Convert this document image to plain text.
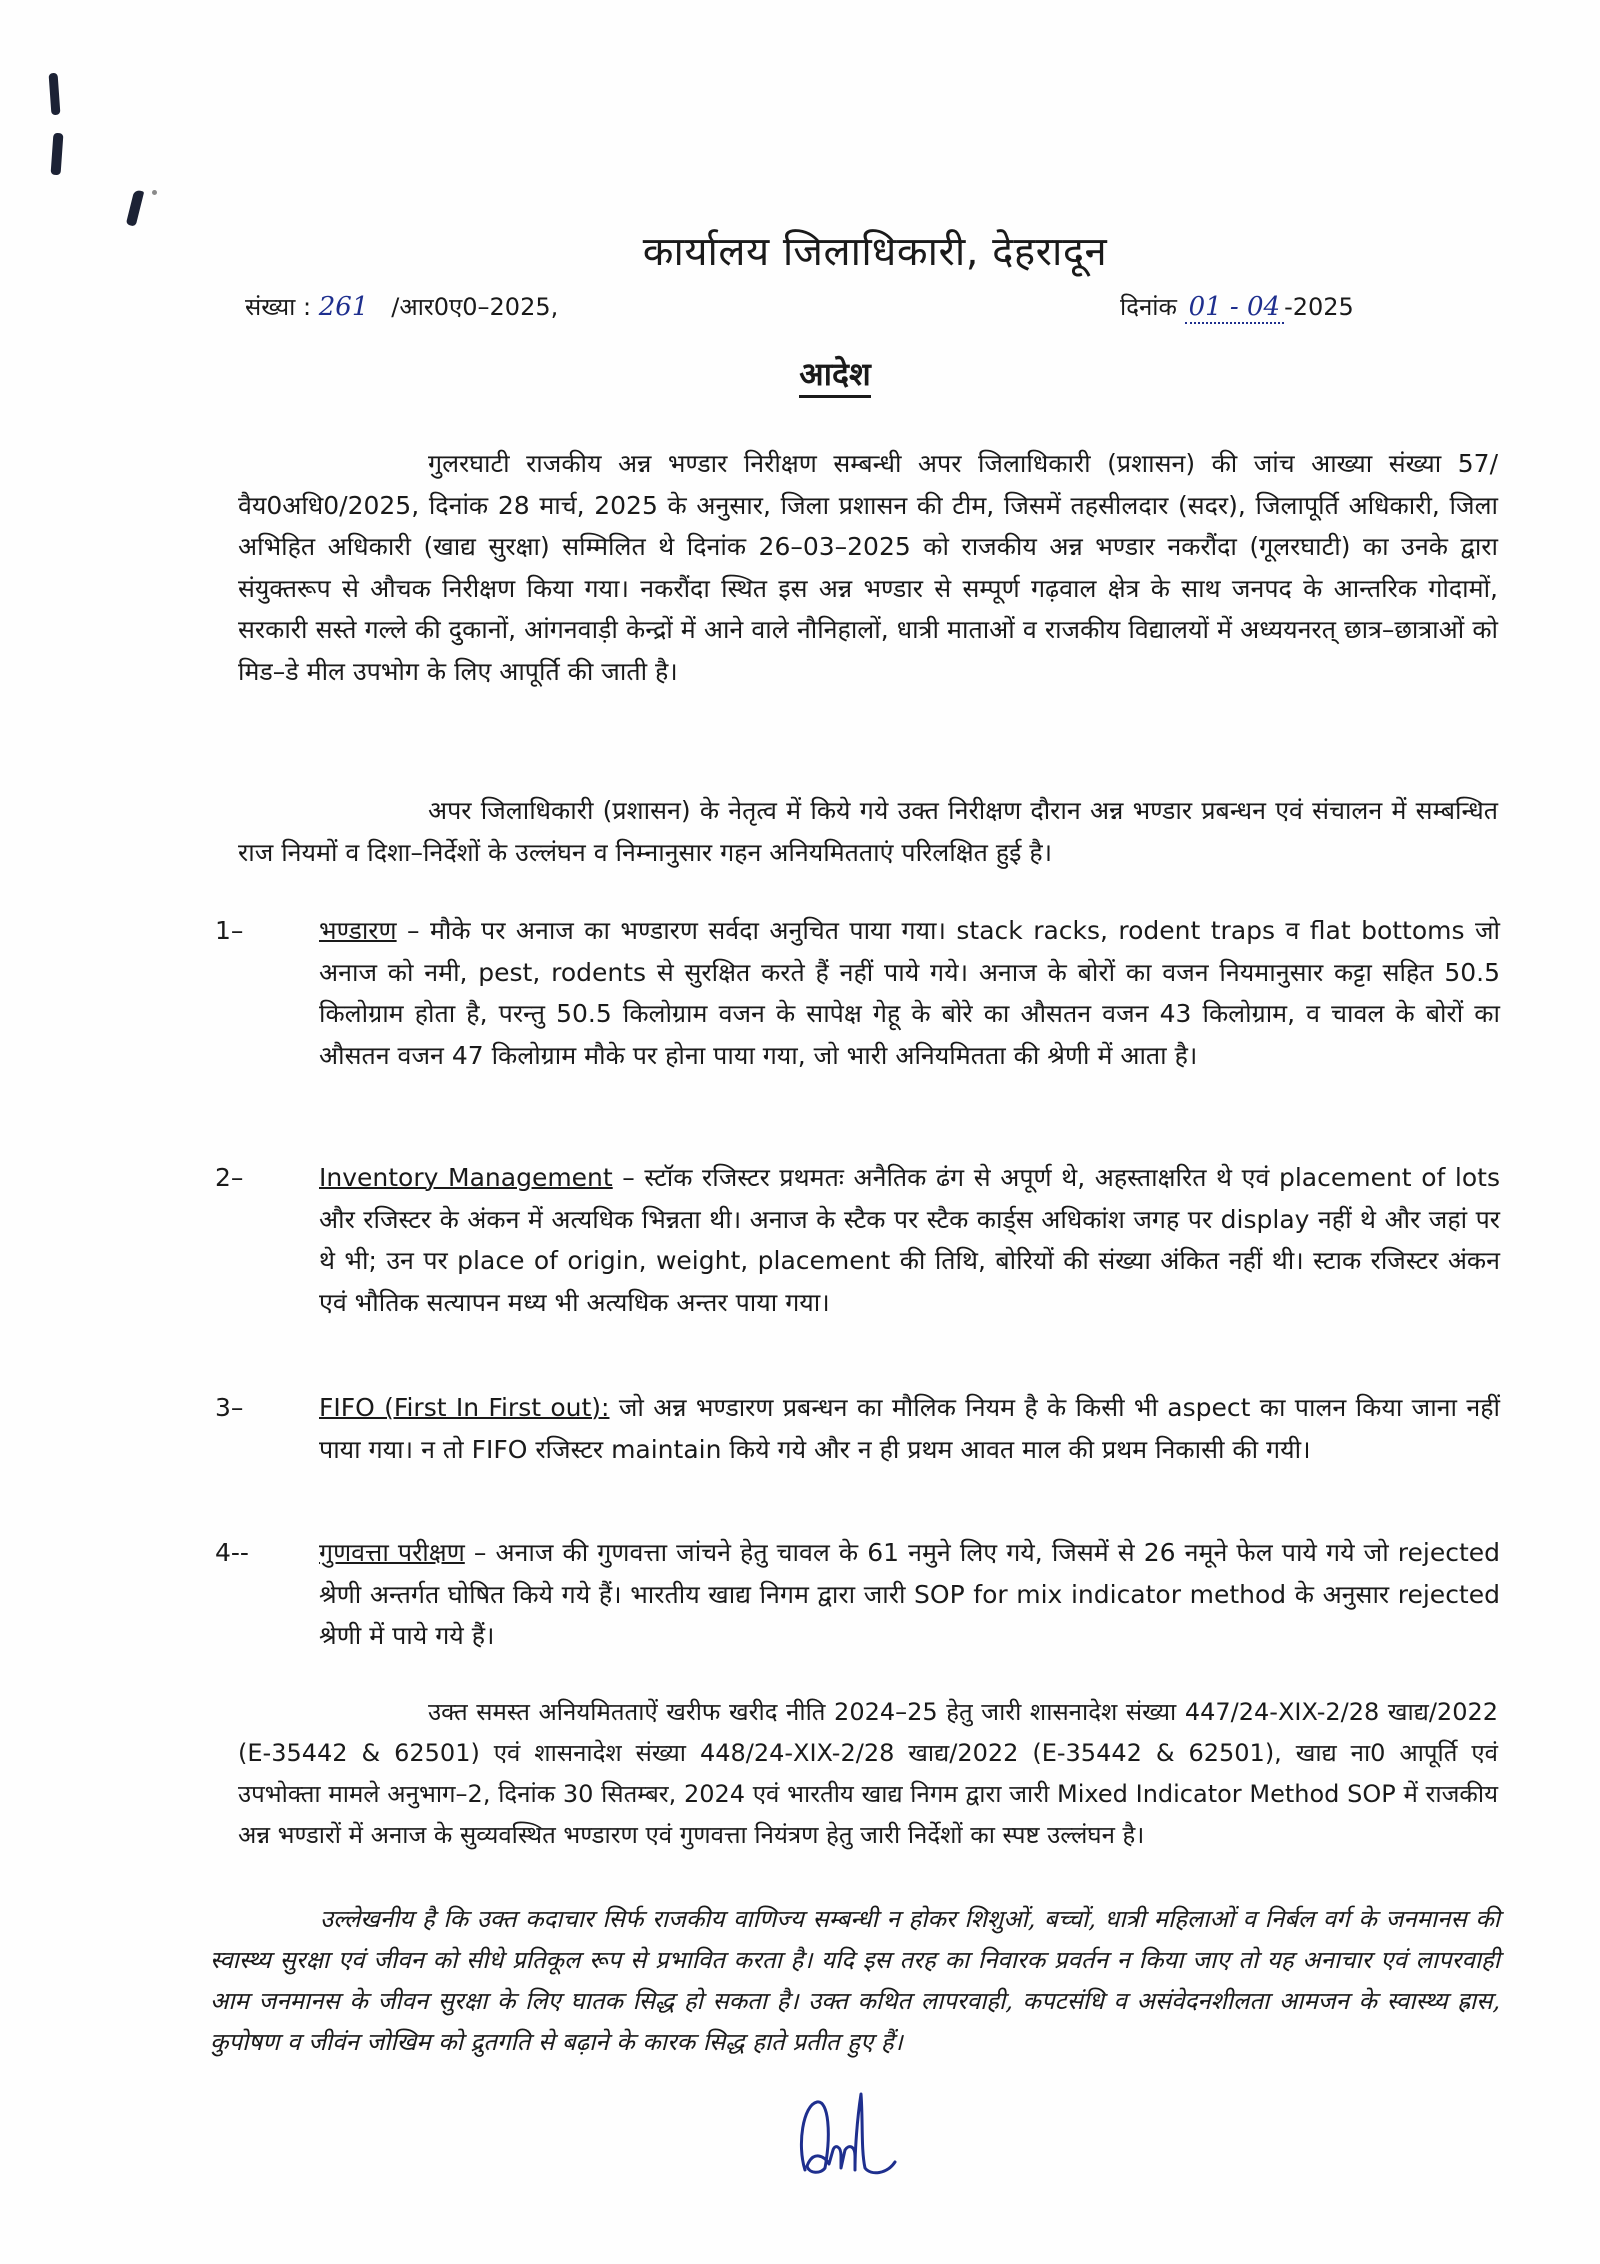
कार्यालय जिलाधिकारी, देहरादून
संख्या : 261 /आर0ए0–2025,	दिनांक 01 - 04 -2025
आदेश

गुलरघाटी राजकीय अन्न भण्डार निरीक्षण सम्बन्धी अपर जिलाधिकारी (प्रशासन) की जांच आख्या संख्या 57/वैय0अधि0/2025, दिनांक 28 मार्च, 2025 के अनुसार, जिला प्रशासन की टीम, जिसमें तहसीलदार (सदर), जिलापूर्ति अधिकारी, जिला अभिहित अधिकारी (खाद्य सुरक्षा) सम्मिलित थे दिनांक 26–03–2025 को राजकीय अन्न भण्डार नकरौंदा (गूलरघाटी) का उनके द्वारा संयुक्तरूप से औचक निरीक्षण किया गया। नकरौंदा स्थित इस अन्न भण्डार से सम्पूर्ण गढ़वाल क्षेत्र के साथ जनपद के आन्तरिक गोदामों, सरकारी सस्ते गल्ले की दुकानों, आंगनवाड़ी केन्द्रों में आने वाले नौनिहालों, धात्री माताओं व राजकीय विद्यालयों में अध्ययनरत् छात्र–छात्राओं को मिड–डे मील उपभोग के लिए आपूर्ति की जाती है।

अपर जिलाधिकारी (प्रशासन) के नेतृत्व में किये गये उक्त निरीक्षण दौरान अन्न भण्डार प्रबन्धन एवं संचालन में सम्बन्धित राज नियमों व दिशा–निर्देशों के उल्लंघन व निम्नानुसार गहन अनियमितताएं परिलक्षित हुई है।

1–	भण्डारण – मौके पर अनाज का भण्डारण सर्वदा अनुचित पाया गया। stack racks, rodent traps व flat bottoms जो अनाज को नमी, pest, rodents से सुरक्षित करते हैं नहीं पाये गये। अनाज के बोरों का वजन नियमानुसार कट्टा सहित 50.5 किलोग्राम होता है, परन्तु 50.5 किलोग्राम वजन के सापेक्ष गेहू के बोरे का औसतन वजन 43 किलोग्राम, व चावल के बोरों का औसतन वजन 47 किलोग्राम मौके पर होना पाया गया, जो भारी अनियमितता की श्रेणी में आता है।
2–	Inventory Management – स्टॉक रजिस्टर प्रथमतः अनैतिक ढंग से अपूर्ण थे, अहस्ताक्षरित थे एवं placement of lots और रजिस्टर के अंकन में अत्यधिक भिन्नता थी। अनाज के स्टैक पर स्टैक कार्ड्स अधिकांश जगह पर display नहीं थे और जहां पर थे भी; उन पर place of origin, weight, placement की तिथि, बोरियों की संख्या अंकित नहीं थी। स्टाक रजिस्टर अंकन एवं भौतिक सत्यापन मध्य भी अत्यधिक अन्तर पाया गया।
3–	FIFO (First In First out): जो अन्न भण्डारण प्रबन्धन का मौलिक नियम है के किसी भी aspect का पालन किया जाना नहीं पाया गया। न तो FIFO रजिस्टर maintain किये गये और न ही प्रथम आवत माल की प्रथम निकासी की गयी।
4--	गुणवत्ता परीक्षण – अनाज की गुणवत्ता जांचने हेतु चावल के 61 नमुने लिए गये, जिसमें से 26 नमूने फेल पाये गये जो rejected श्रेणी अन्तर्गत घोषित किये गये हैं। भारतीय खाद्य निगम द्वारा जारी SOP for mix indicator method के अनुसार rejected श्रेणी में पाये गये हैं।

उक्त समस्त अनियमितताऐं खरीफ खरीद नीति 2024–25 हेतु जारी शासनादेश संख्या 447/24-XIX-2/28 खाद्य/2022 (E-35442 & 62501) एवं शासनादेश संख्या 448/24-XIX-2/28 खाद्य/2022 (E-35442 & 62501), खाद्य ना0 आपूर्ति एवं उपभोक्ता मामले अनुभाग–2, दिनांक 30 सितम्बर, 2024 एवं भारतीय खाद्य निगम द्वारा जारी Mixed Indicator Method SOP में राजकीय अन्न भण्डारों में अनाज के सुव्यवस्थित भण्डारण एवं गुणवत्ता नियंत्रण हेतु जारी निर्देशों का स्पष्ट उल्लंघन है।

उल्लेखनीय है कि उक्त कदाचार सिर्फ राजकीय वाणिज्य सम्बन्धी न होकर शिशुओं, बच्चों, धात्री महिलाओं व निर्बल वर्ग के जनमानस की स्वास्थ्य सुरक्षा एवं जीवन को सीधे प्रतिकूल रूप से प्रभावित करता है। यदि इस तरह का निवारक प्रवर्तन न किया जाए तो यह अनाचार एवं लापरवाही आम जनमानस के जीवन सुरक्षा के लिए घातक सिद्ध हो सकता है। उक्त कथित लापरवाही, कपटसंधि व असंवेदनशीलता आमजन के स्वास्थ्य ह्रास, कुपोषण व जीवंन जोखिम को द्रुतगति से बढ़ाने के कारक सिद्ध हाते प्रतीत हुए हैं।
